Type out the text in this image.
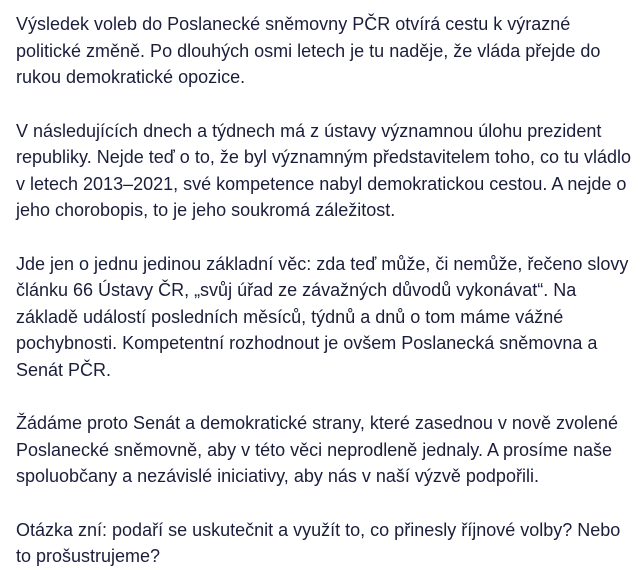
Výsledek voleb do Poslanecké sněmovny PČR otvírá cestu k výrazné politické změně. Po dlouhých osmi letech je tu naděje, že vláda přejde do rukou demokratické opozice.

V následujících dnech a týdnech má z ústavy významnou úlohu prezident republiky. Nejde teď o to, že byl významným představitelem toho, co tu vládlo v letech 2013–2021, své kompetence nabyl demokratickou cestou. A nejde o jeho chorobopis, to je jeho soukromá záležitost.

Jde jen o jednu jedinou základní věc: zda teď může, či nemůže, řečeno slovy článku 66 Ústavy ČR, „svůj úřad ze závažných důvodů vykonávat“. Na základě událostí posledních měsíců, týdnů a dnů o tom máme vážné pochybnosti. Kompetentní rozhodnout je ovšem Poslanecká sněmovna a Senát PČR.

Žádáme proto Senát a demokratické strany, které zasednou v nově zvolené Poslanecké sněmovně, aby v této věci neprodleně jednaly. A prosíme naše spoluobčany a nezávislé iniciativy, aby nás v naší výzvě podpořili.

Otázka zní: podaří se uskutečnit a využít to, co přinesly říjnové volby? Nebo to prošustrujeme?
